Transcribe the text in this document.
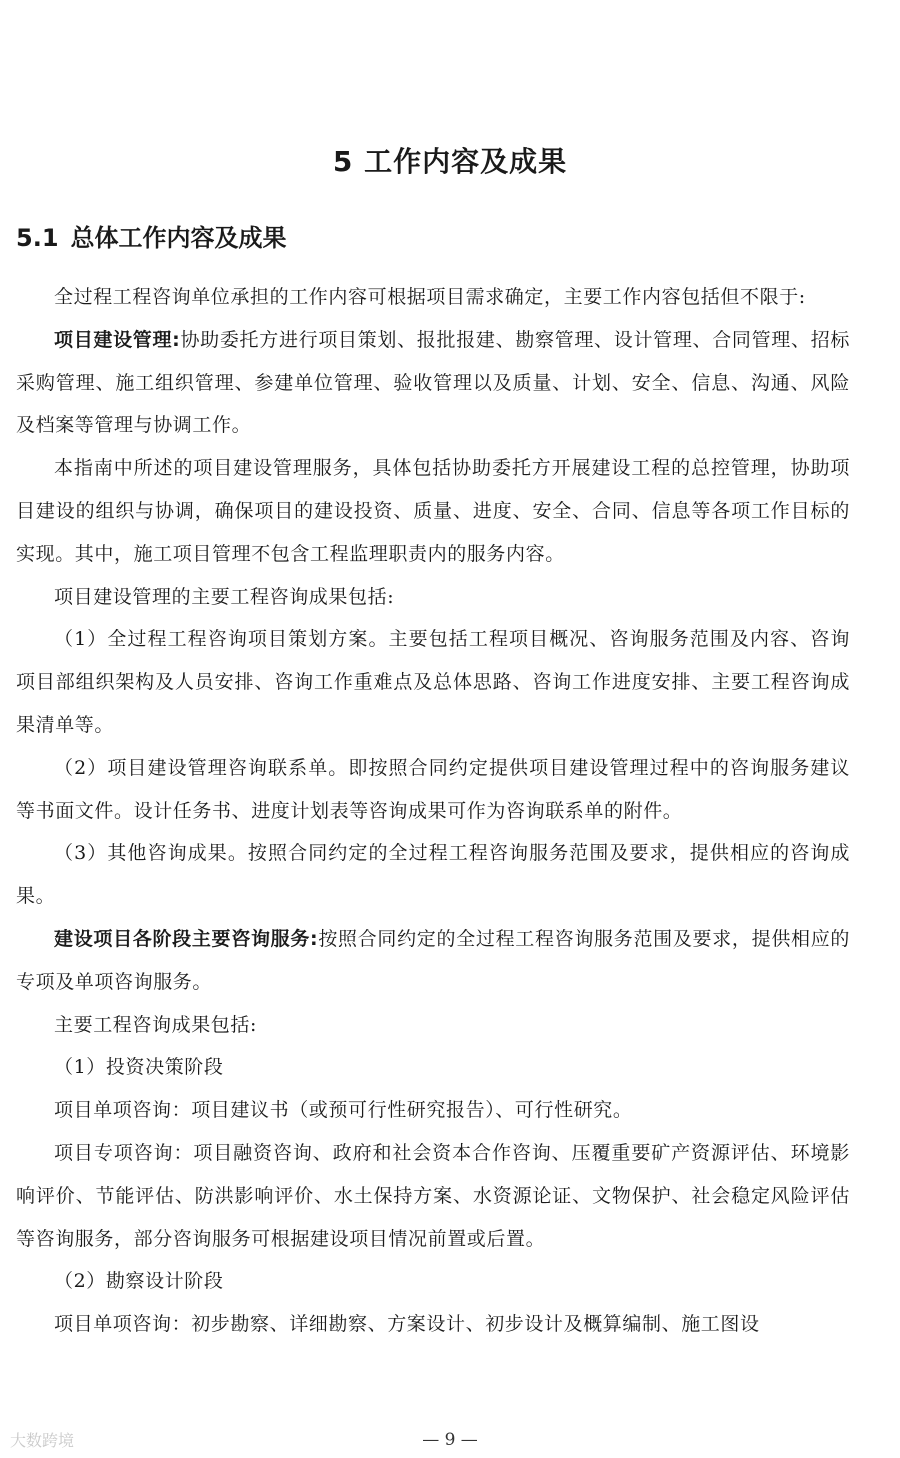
5 工作内容及成果
5.1 总体工作内容及成果

全过程工程咨询单位承担的工作内容可根据项目需求确定，主要工作内容包括但不限于:

项目建设管理:协助委托方进行项目策划、报批报建、勘察管理、设计管理、合同管理、招标采购管理、施工组织管理、参建单位管理、验收管理以及质量、计划、安全、信息、沟通、风险及档案等管理与协调工作。

本指南中所述的项目建设管理服务，具体包括协助委托方开展建设工程的总控管理，协助项目建设的组织与协调，确保项目的建设投资、质量、进度、安全、合同、信息等各项工作目标的实现。其中，施工项目管理不包含工程监理职责内的服务内容。

项目建设管理的主要工程咨询成果包括:

（1）全过程工程咨询项目策划方案。主要包括工程项目概况、咨询服务范围及内容、咨询项目部组织架构及人员安排、咨询工作重难点及总体思路、咨询工作进度安排、主要工程咨询成果清单等。

（2）项目建设管理咨询联系单。即按照合同约定提供项目建设管理过程中的咨询服务建议等书面文件。设计任务书、进度计划表等咨询成果可作为咨询联系单的附件。

（3）其他咨询成果。按照合同约定的全过程工程咨询服务范围及要求，提供相应的咨询成果。

建设项目各阶段主要咨询服务:按照合同约定的全过程工程咨询服务范围及要求，提供相应的专项及单项咨询服务。

主要工程咨询成果包括:

（1）投资决策阶段

项目单项咨询：项目建议书（或预可行性研究报告）、可行性研究。

项目专项咨询：项目融资咨询、政府和社会资本合作咨询、压覆重要矿产资源评估、环境影响评价、节能评估、防洪影响评价、水土保持方案、水资源论证、文物保护、社会稳定风险评估等咨询服务，部分咨询服务可根据建设项目情况前置或后置。

（2）勘察设计阶段

项目单项咨询：初步勘察、详细勘察、方案设计、初步设计及概算编制、施工图设

大数跨境	— 9 —
